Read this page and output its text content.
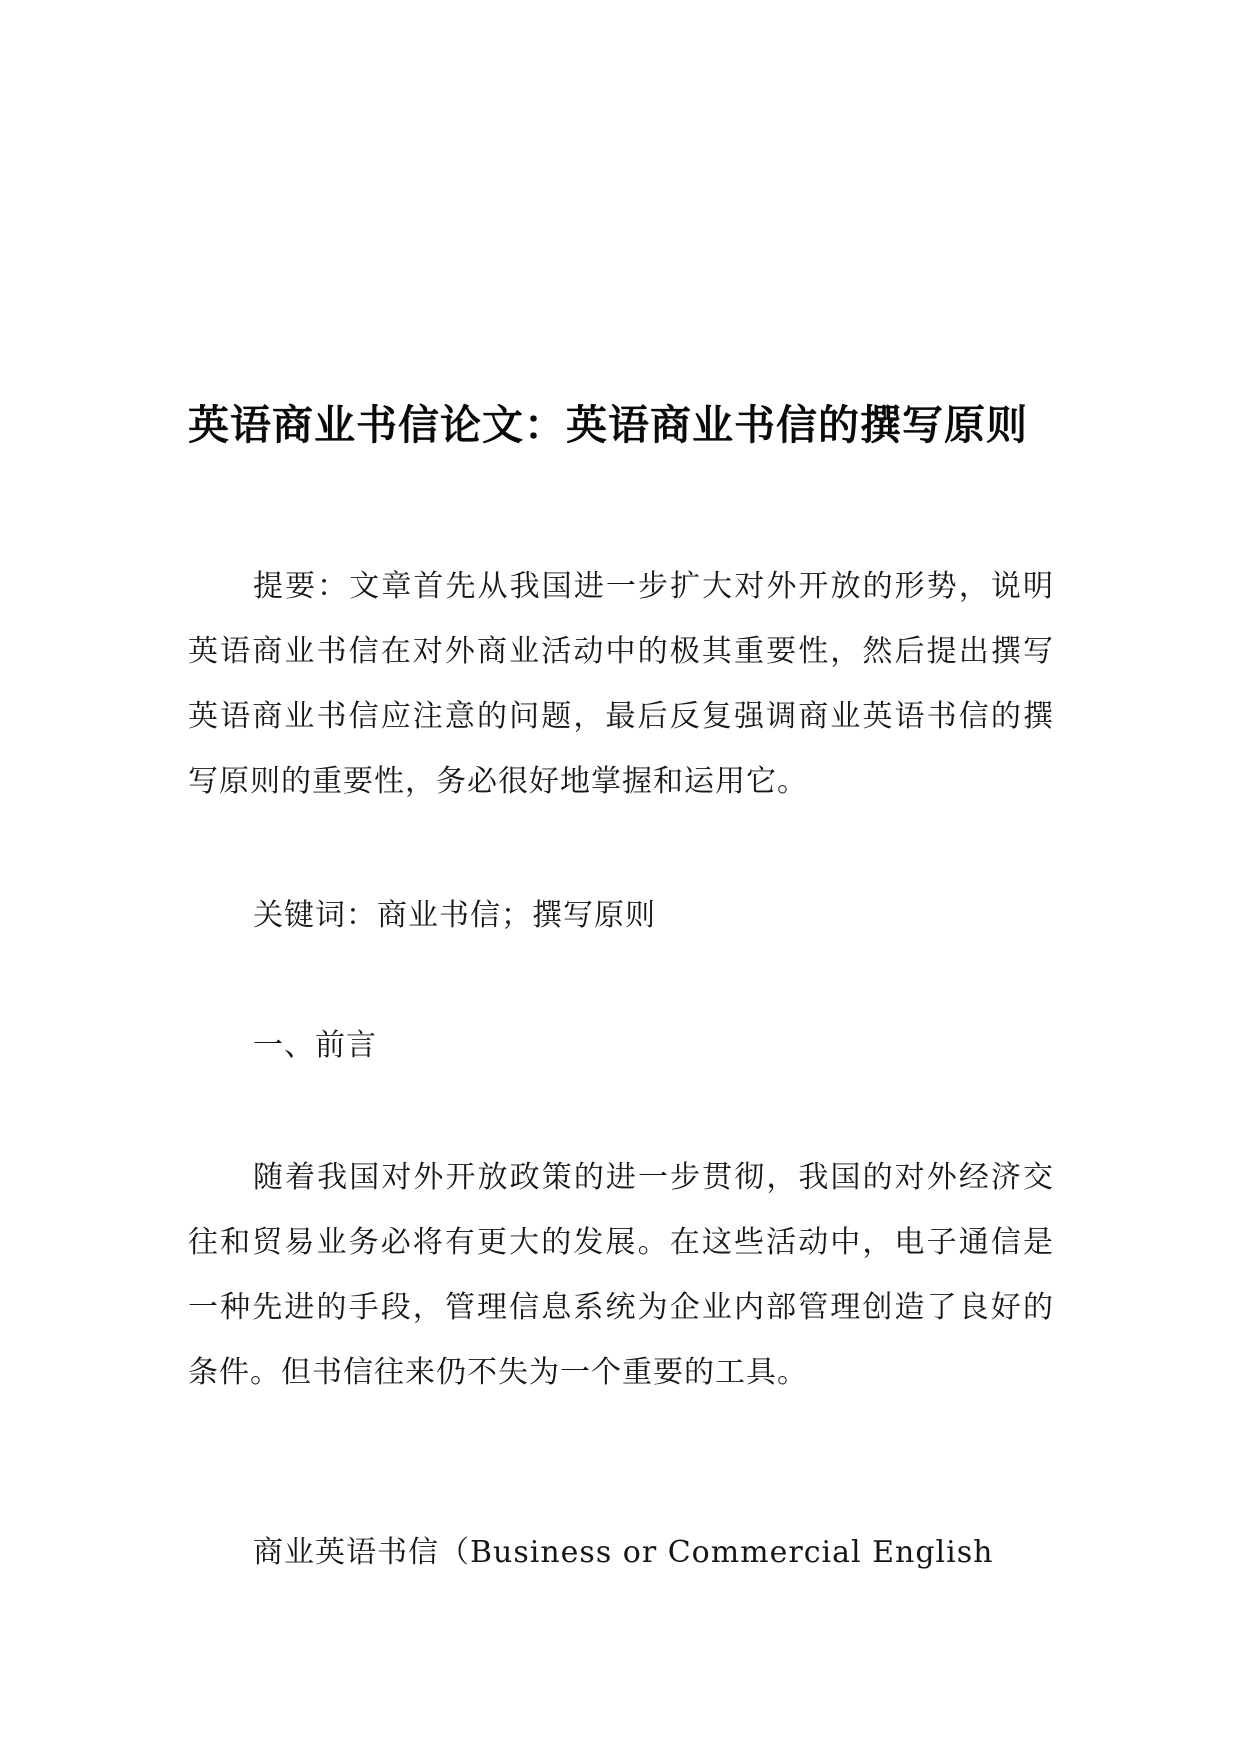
英语商业书信论文：英语商业书信的撰写原则

提要：文章首先从我国进一步扩大对外开放的形势，说明英语商业书信在对外商业活动中的极其重要性，然后提出撰写英语商业书信应注意的问题，最后反复强调商业英语书信的撰写原则的重要性，务必很好地掌握和运用它。

关键词：商业书信；撰写原则

一、前言

随着我国对外开放政策的进一步贯彻，我国的对外经济交往和贸易业务必将有更大的发展。在这些活动中，电子通信是一种先进的手段，管理信息系统为企业内部管理创造了良好的条件。但书信往来仍不失为一个重要的工具。

商业英语书信（Business or Commercial English
